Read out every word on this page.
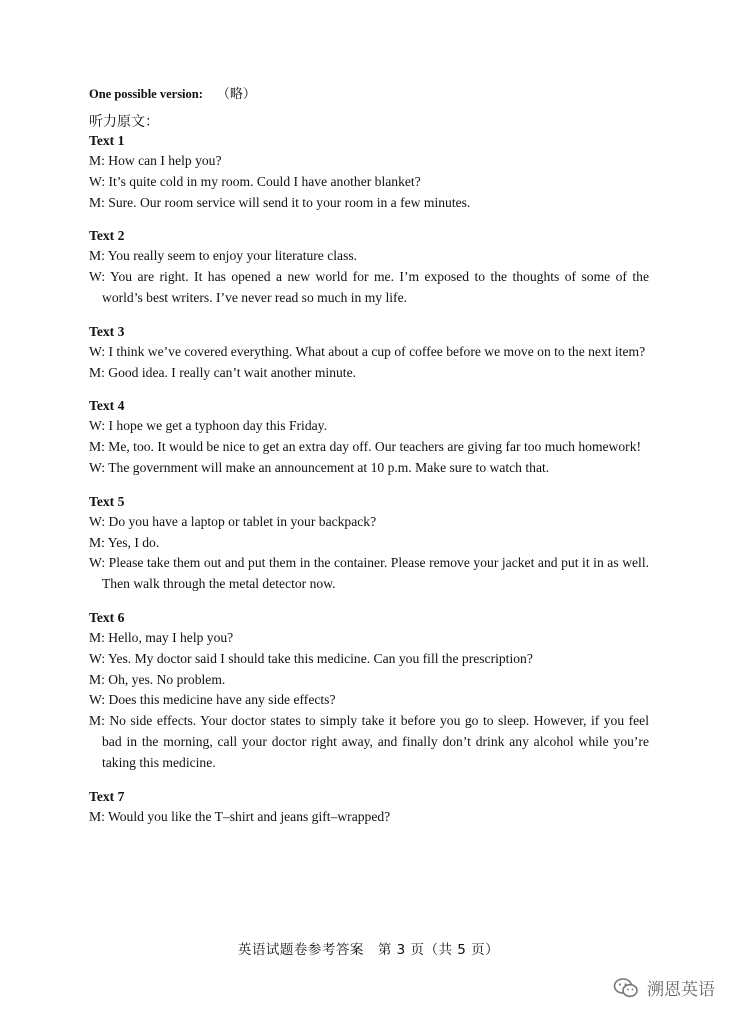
One possible version: （略）
听力原文：
Text 1
M: How can I help you?
W: It’s quite cold in my room. Could I have another blanket?
M: Sure. Our room service will send it to your room in a few minutes.
Text 2
M: You really seem to enjoy your literature class.
W: You are right. It has opened a new world for me. I’m exposed to the thoughts of some of the world’s best writers. I’ve never read so much in my life.
Text 3
W: I think we’ve covered everything. What about a cup of coffee before we move on to the next item?
M: Good idea. I really can’t wait another minute.
Text 4
W: I hope we get a typhoon day this Friday.
M: Me, too. It would be nice to get an extra day off. Our teachers are giving far too much homework!
W: The government will make an announcement at 10 p.m. Make sure to watch that.
Text 5
W: Do you have a laptop or tablet in your backpack?
M: Yes, I do.
W: Please take them out and put them in the container. Please remove your jacket and put it in as well. Then walk through the metal detector now.
Text 6
M: Hello, may I help you?
W: Yes. My doctor said I should take this medicine. Can you fill the prescription?
M: Oh, yes. No problem.
W: Does this medicine have any side effects?
M: No side effects. Your doctor states to simply take it before you go to sleep. However, if you feel bad in the morning, call your doctor right away, and finally don’t drink any alcohol while you’re taking this medicine.
Text 7
M: Would you like the T–shirt and jeans gift–wrapped?
英语试题卷参考答案　第 3 页（共 5 页）
溯恩英语
